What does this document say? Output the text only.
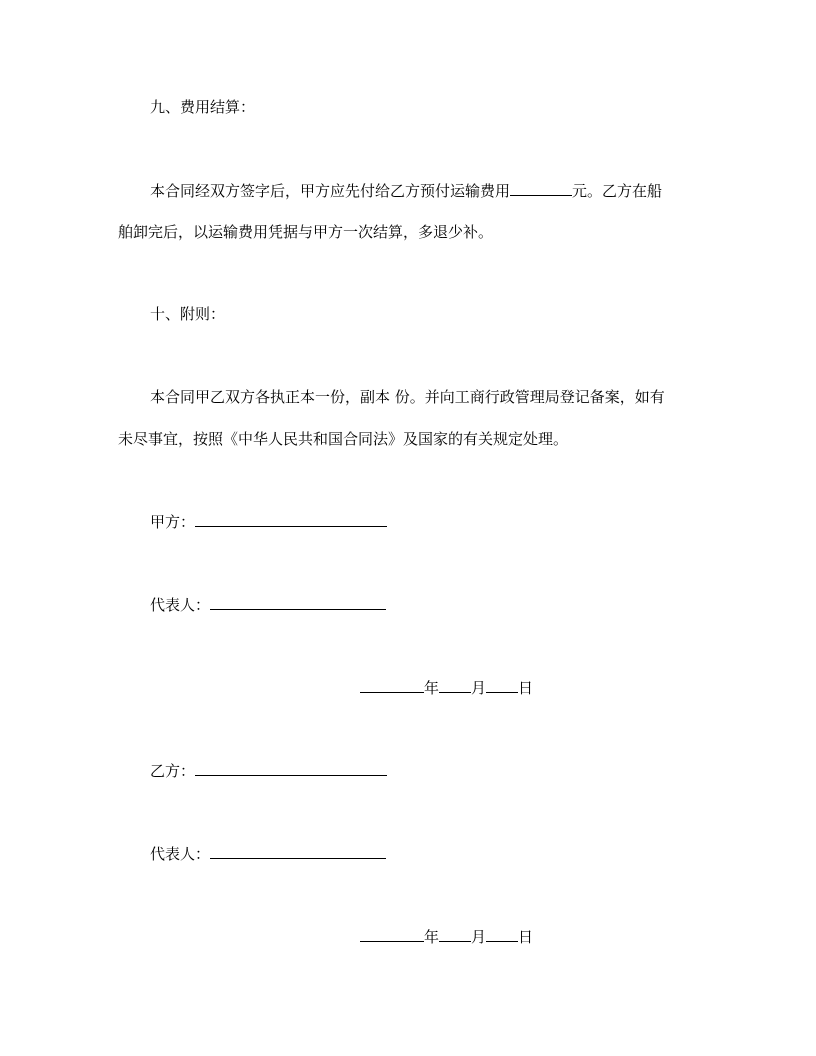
九、费用结算：
本合同经双方签字后，甲方应先付给乙方预付运输费用	元。乙方在船
舶卸完后，以运输费用凭据与甲方一次结算，多退少补。
十、附则：
本合同甲乙双方各执正本一份，副本 份。并向工商行政管理局登记备案，如有
未尽事宜，按照《中华人民共和国合同法》及国家的有关规定处理。
甲方：
代表人：
年 月 日
乙方：
代表人：
年 月 日
